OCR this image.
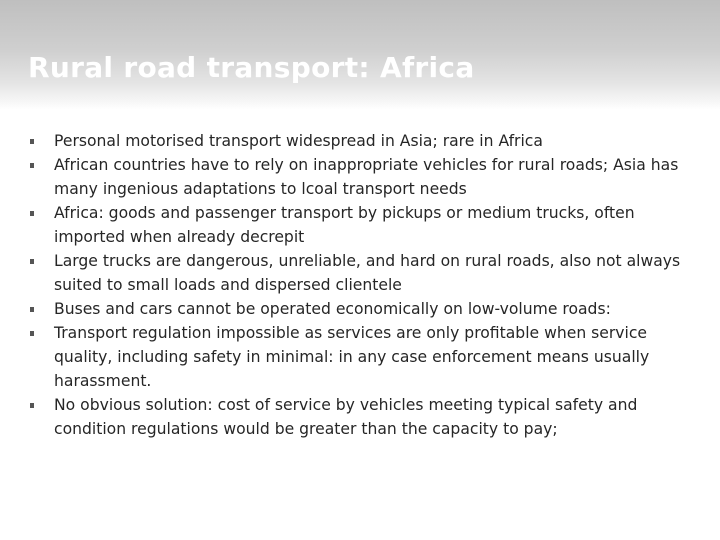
Rural road transport: Africa
Personal motorised transport widespread in Asia; rare in Africa
African countries have to rely on inappropriate vehicles for rural roads; Asia has many ingenious adaptations to lcoal transport needs
Africa: goods and passenger transport by pickups or medium trucks, often imported when already decrepit
Large trucks are dangerous, unreliable, and hard on rural roads, also not always suited to small loads and dispersed clientele
Buses and cars cannot be operated economically on low-volume roads:
Transport regulation impossible as services are only profitable when service quality, including safety in minimal: in any case enforcement means usually harassment.
No obvious solution: cost of service by vehicles meeting typical safety and condition regulations would be greater than the capacity to pay;
